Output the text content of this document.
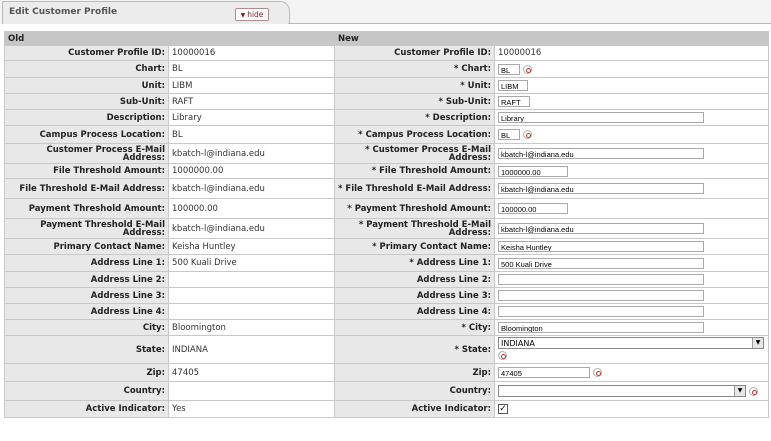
Edit Customer Profile	▼ hide
Old		New	
Customer Profile ID:	10000016	Customer Profile ID:	10000016
Chart:	BL	* Chart:	BL
Unit:	LIBM	* Unit:	LIBM
Sub-Unit:	RAFT	* Sub-Unit:	RAFT
Description:	Library	* Description:	Library
Campus Process Location:	BL	* Campus Process Location:	BL
Customer Process E-Mail Address:	kbatch-l@indiana.edu	* Customer Process E-Mail Address:	kbatch-l@indiana.edu
File Threshold Amount:	1000000.00	* File Threshold Amount:	1000000.00
File Threshold E-Mail Address:	kbatch-l@indiana.edu	* File Threshold E-Mail Address:	kbatch-l@indiana.edu
Payment Threshold Amount:	100000.00	* Payment Threshold Amount:	100000.00
Payment Threshold E-Mail Address:	kbatch-l@indiana.edu	* Payment Threshold E-Mail Address:	kbatch-l@indiana.edu
Primary Contact Name:	Keisha Huntley	* Primary Contact Name:	Keisha Huntley
Address Line 1:	500 Kuali Drive	* Address Line 1:	500 Kuali Drive
Address Line 2:		Address Line 2:	
Address Line 3:		Address Line 3:	
Address Line 4:		Address Line 4:	
City:	Bloomington	* City:	Bloomington
State:	INDIANA	* State:	INDIANA ▼

Zip:	47405	Zip:	47405
Country:		Country:	▼

Active Indicator:	Yes	Active Indicator:	✓
